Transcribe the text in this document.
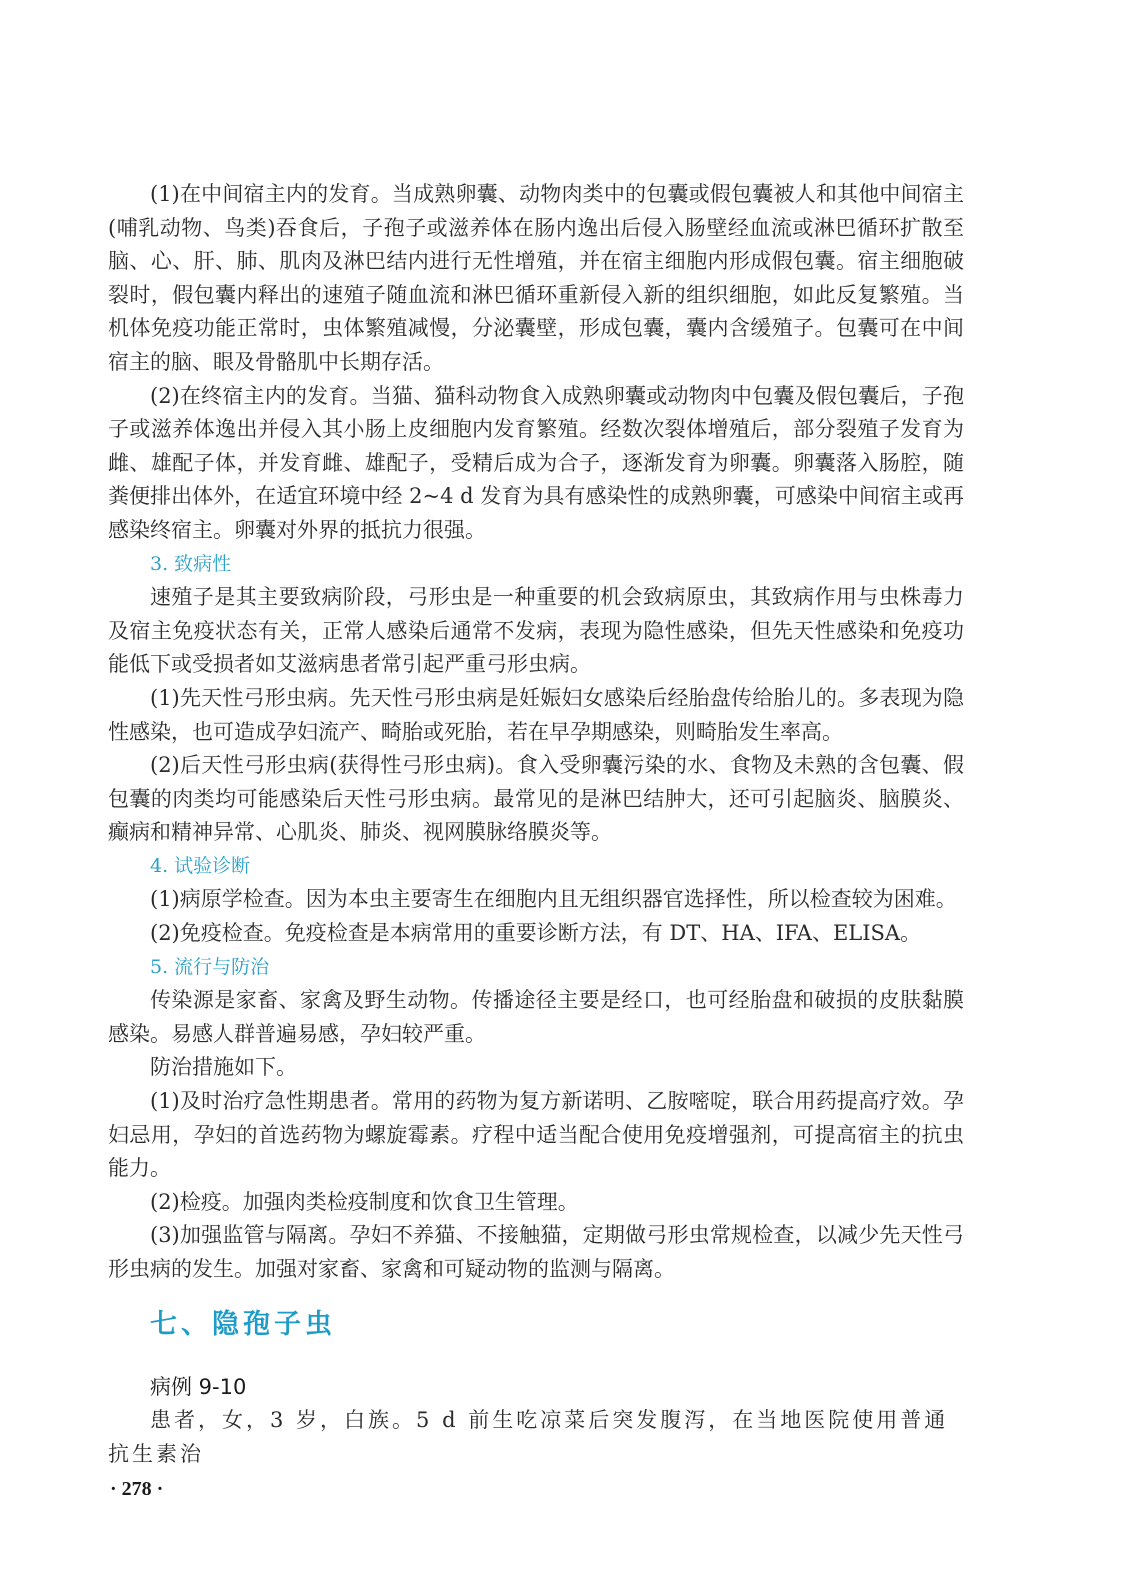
(1)在中间宿主内的发育。当成熟卵囊、动物肉类中的包囊或假包囊被人和其他中间宿主(哺乳动物、鸟类)吞食后，子孢子或滋养体在肠内逸出后侵入肠壁经血流或淋巴循环扩散至脑、心、肝、肺、肌肉及淋巴结内进行无性增殖，并在宿主细胞内形成假包囊。宿主细胞破裂时，假包囊内释出的速殖子随血流和淋巴循环重新侵入新的组织细胞，如此反复繁殖。当机体免疫功能正常时，虫体繁殖减慢，分泌囊壁，形成包囊，囊内含缓殖子。包囊可在中间宿主的脑、眼及骨骼肌中长期存活。

(2)在终宿主内的发育。当猫、猫科动物食入成熟卵囊或动物肉中包囊及假包囊后，子孢子或滋养体逸出并侵入其小肠上皮细胞内发育繁殖。经数次裂体增殖后，部分裂殖子发育为雌、雄配子体，并发育雌、雄配子，受精后成为合子，逐渐发育为卵囊。卵囊落入肠腔，随粪便排出体外，在适宜环境中经 2~4 d 发育为具有感染性的成熟卵囊，可感染中间宿主或再感染终宿主。卵囊对外界的抵抗力很强。

3. 致病性

速殖子是其主要致病阶段，弓形虫是一种重要的机会致病原虫，其致病作用与虫株毒力及宿主免疫状态有关，正常人感染后通常不发病，表现为隐性感染，但先天性感染和免疫功能低下或受损者如艾滋病患者常引起严重弓形虫病。

(1)先天性弓形虫病。先天性弓形虫病是妊娠妇女感染后经胎盘传给胎儿的。多表现为隐性感染，也可造成孕妇流产、畸胎或死胎，若在早孕期感染，则畸胎发生率高。

(2)后天性弓形虫病(获得性弓形虫病)。食入受卵囊污染的水、食物及未熟的含包囊、假包囊的肉类均可能感染后天性弓形虫病。最常见的是淋巴结肿大，还可引起脑炎、脑膜炎、癫病和精神异常、心肌炎、肺炎、视网膜脉络膜炎等。

4. 试验诊断

(1)病原学检查。因为本虫主要寄生在细胞内且无组织器官选择性，所以检查较为困难。

(2)免疫检查。免疫检查是本病常用的重要诊断方法，有 DT、HA、IFA、ELISA。

5. 流行与防治

传染源是家畜、家禽及野生动物。传播途径主要是经口，也可经胎盘和破损的皮肤黏膜感染。易感人群普遍易感，孕妇较严重。

防治措施如下。

(1)及时治疗急性期患者。常用的药物为复方新诺明、乙胺嘧啶，联合用药提高疗效。孕妇忌用，孕妇的首选药物为螺旋霉素。疗程中适当配合使用免疫增强剂，可提高宿主的抗虫能力。

(2)检疫。加强肉类检疫制度和饮食卫生管理。

(3)加强监管与隔离。孕妇不养猫、不接触猫，定期做弓形虫常规检查，以减少先天性弓形虫病的发生。加强对家畜、家禽和可疑动物的监测与隔离。

七、隐孢子虫

病例 9-10

患者，女，3 岁，白族。5 d 前生吃凉菜后突发腹泻，在当地医院使用普通抗生素治

· 278 ·
